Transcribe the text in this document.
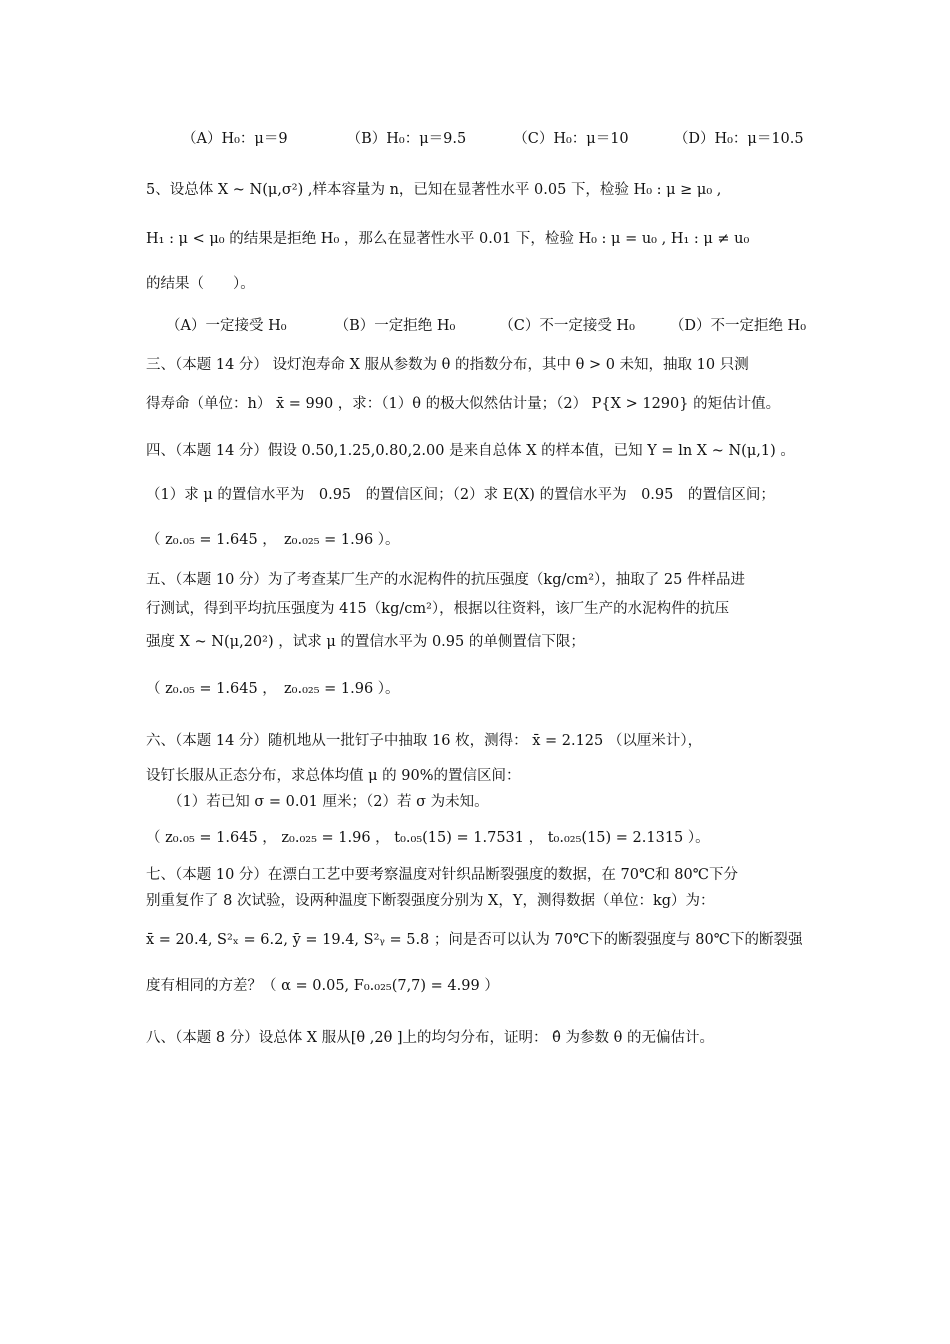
（A）H₀：μ＝9	（B）H₀：μ＝9.5	（C）H₀：μ＝10	（D）H₀：μ＝10.5
5、设总体 X ~ N(μ,σ²) ,样本容量为 n，已知在显著性水平 0.05 下，检验 H₀ : μ ≥ μ₀ ,
H₁ : μ < μ₀ 的结果是拒绝 H₀ ，那么在显著性水平 0.01 下，检验 H₀ : μ = u₀ , H₁ : μ ≠ u₀
的结果（　　）。
（A）一定接受 H₀	（B）一定拒绝 H₀	（C）不一定接受 H₀ （D）不一定拒绝 H₀
三、（本题 14 分） 设灯泡寿命 X 服从参数为 θ 的指数分布，其中 θ > 0 未知，抽取 10 只测
得寿命（单位：h） x̄ = 990 ，求：（1）θ 的极大似然估计量；（2） P{X > 1290} 的矩估计值。
四、（本题 14 分）假设 0.50,1.25,0.80,2.00 是来自总体 X 的样本值，已知 Y = ln X ~ N(μ,1) 。
（1）求 μ 的置信水平为　0.95　的置信区间；（2）求 E(X) 的置信水平为　0.95　的置信区间；
（ z₀.₀₅ = 1.645 ，　z₀.₀₂₅ = 1.96 ）。
五、（本题 10 分）为了考查某厂生产的水泥构件的抗压强度（kg/cm²），抽取了 25 件样品进
行测试，得到平均抗压强度为 415（kg/cm²），根据以往资料，该厂生产的水泥构件的抗压
强度 X ~ N(μ,20²) ，试求 μ 的置信水平为 0.95 的单侧置信下限；
（ z₀.₀₅ = 1.645 ，　z₀.₀₂₅ = 1.96 ）。
六、（本题 14 分）随机地从一批钉子中抽取 16 枚，测得： x̄ = 2.125 （以厘米计），
设钉长服从正态分布，求总体均值 μ 的 90%的置信区间：
（1）若已知 σ = 0.01 厘米；（2）若 σ 为未知。
（ z₀.₀₅ = 1.645 ， z₀.₀₂₅ = 1.96 ， t₀.₀₅(15) = 1.7531 ， t₀.₀₂₅(15) = 2.1315 ）。
七、（本题 10 分）在漂白工艺中要考察温度对针织品断裂强度的数据，在 70℃和 80℃下分
别重复作了 8 次试验，设两种温度下断裂强度分别为 X，Y，测得数据（单位：kg）为：
x̄ = 20.4, S²ₓ = 6.2, ȳ = 19.4, S²ᵧ = 5.8 ；问是否可以认为 70℃下的断裂强度与 80℃下的断裂强
度有相同的方差？（ α = 0.05, F₀.₀₂₅(7,7) = 4.99 ）
八、（本题 8 分）设总体 X 服从[θ ,2θ ]上的均匀分布，证明： θ̂ 为参数 θ 的无偏估计。
